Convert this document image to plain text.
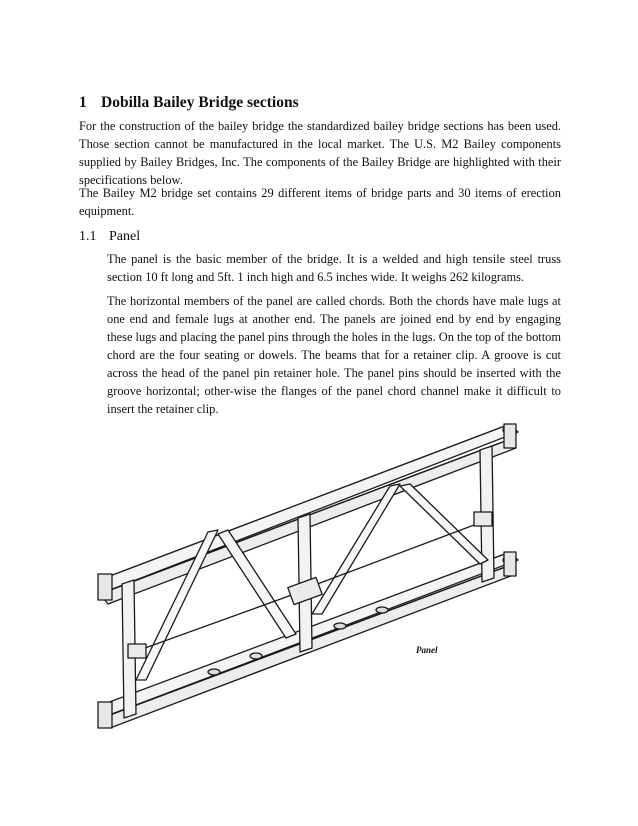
1 Dobilla Bailey Bridge sections

For the construction of the bailey bridge the standardized bailey bridge sections has been used. Those section cannot be manufactured in the local market. The U.S. M2 Bailey components supplied by Bailey Bridges, Inc. The components of the Bailey Bridge are highlighted with their specifications below.

The Bailey M2 bridge set contains 29 different items of bridge parts and 30 items of erection equipment.

1.1 Panel

The panel is the basic member of the bridge. It is a welded and high tensile steel truss section 10 ft long and 5ft. 1 inch high and 6.5 inches wide. It weighs 262 kilograms.

The horizontal members of the panel are called chords. Both the chords have male lugs at one end and female lugs at another end. The panels are joined end by end by engaging these lugs and placing the panel pins through the holes in the lugs. On the top of the bottom chord are the four seating or dowels. The beams that for a retainer clip. A groove is cut across the head of the panel pin retainer hole. The panel pins should be inserted with the groove horizontal; other-wise the flanges of the panel chord channel make it difficult to insert the retainer clip.

Panel
